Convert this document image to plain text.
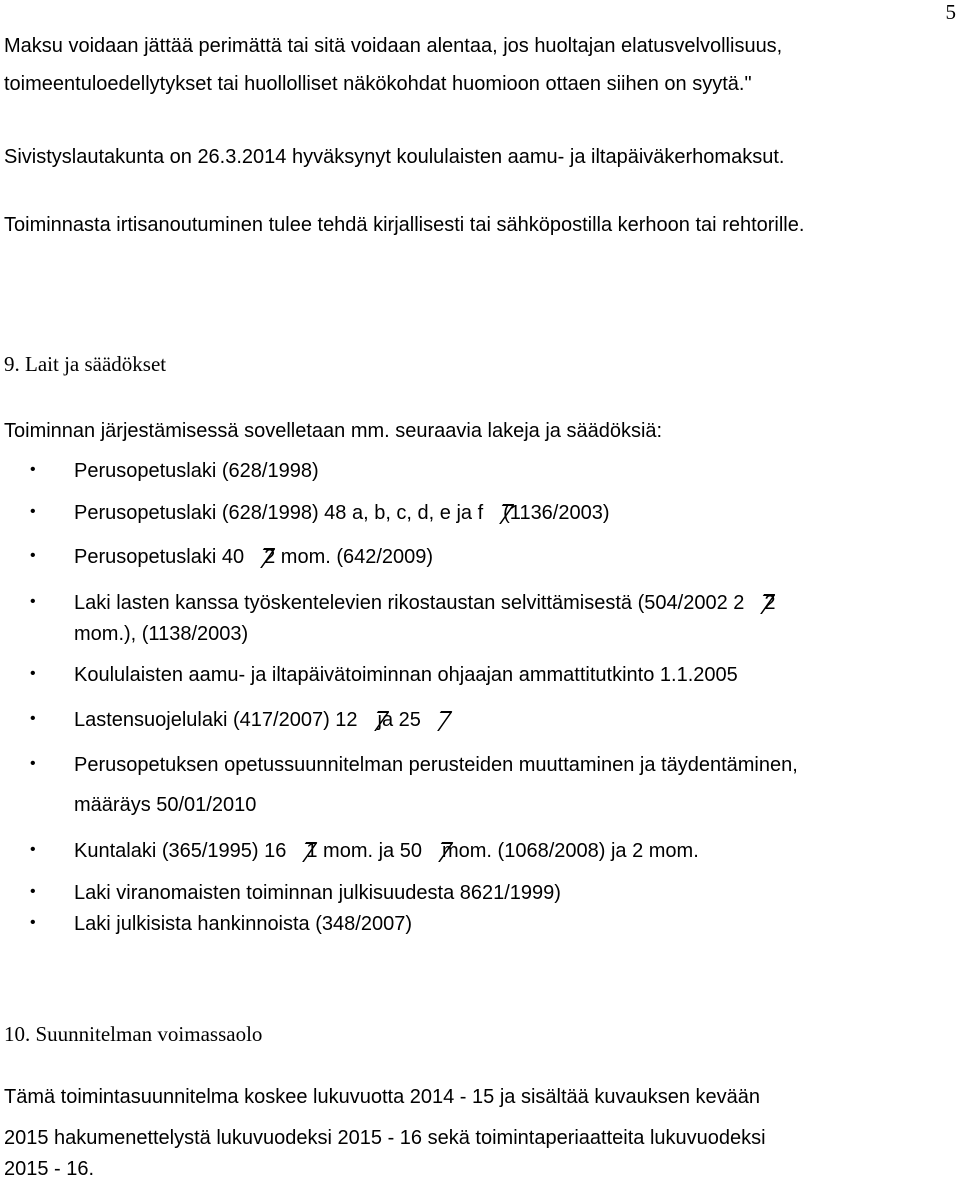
5
Maksu voidaan jättää perimättä tai sitä voidaan alentaa, jos huoltajan elatusvelvollisuus,
toimeentuloedellytykset tai huollolliset näkökohdat huomioon ottaen siihen on syytä."
Sivistyslautakunta on 26.3.2014 hyväksynyt koululaisten aamu- ja iltapäiväkerhomaksut.
Toiminnasta irtisanoutuminen tulee tehdä kirjallisesti tai sähköpostilla kerhoon tai rehtorille.
9. Lait ja säädökset
Toiminnan järjestämisessä sovelletaan mm. seuraavia lakeja ja säädöksiä:
• Perusopetuslaki (628/1998)
• Perusopetuslaki (628/1998) 48 a, b, c, d, e ja f (1136/2003)
• Perusopetuslaki 40 2 mom. (642/2009)
• Laki lasten kanssa työskentelevien rikostaustan selvittämisestä (504/2002 2 2
mom.), (1138/2003)
• Koululaisten aamu- ja iltapäivätoiminnan ohjaajan ammattitutkinto 1.1.2005
• Lastensuojelulaki (417/2007) 12 ja 25
• Perusopetuksen opetussuunnitelman perusteiden muuttaminen ja täydentäminen,
määräys 50/01/2010
• Kuntalaki (365/1995) 16 1 mom. ja 50 mom. (1068/2008) ja 2 mom.
• Laki viranomaisten toiminnan julkisuudesta 8621/1999)
• Laki julkisista hankinnoista (348/2007)
10. Suunnitelman voimassaolo
Tämä toimintasuunnitelma koskee lukuvuotta 2014 - 15 ja sisältää kuvauksen kevään
2015 hakumenettelystä lukuvuodeksi 2015 - 16 sekä toimintaperiaatteita lukuvuodeksi
2015 - 16.
